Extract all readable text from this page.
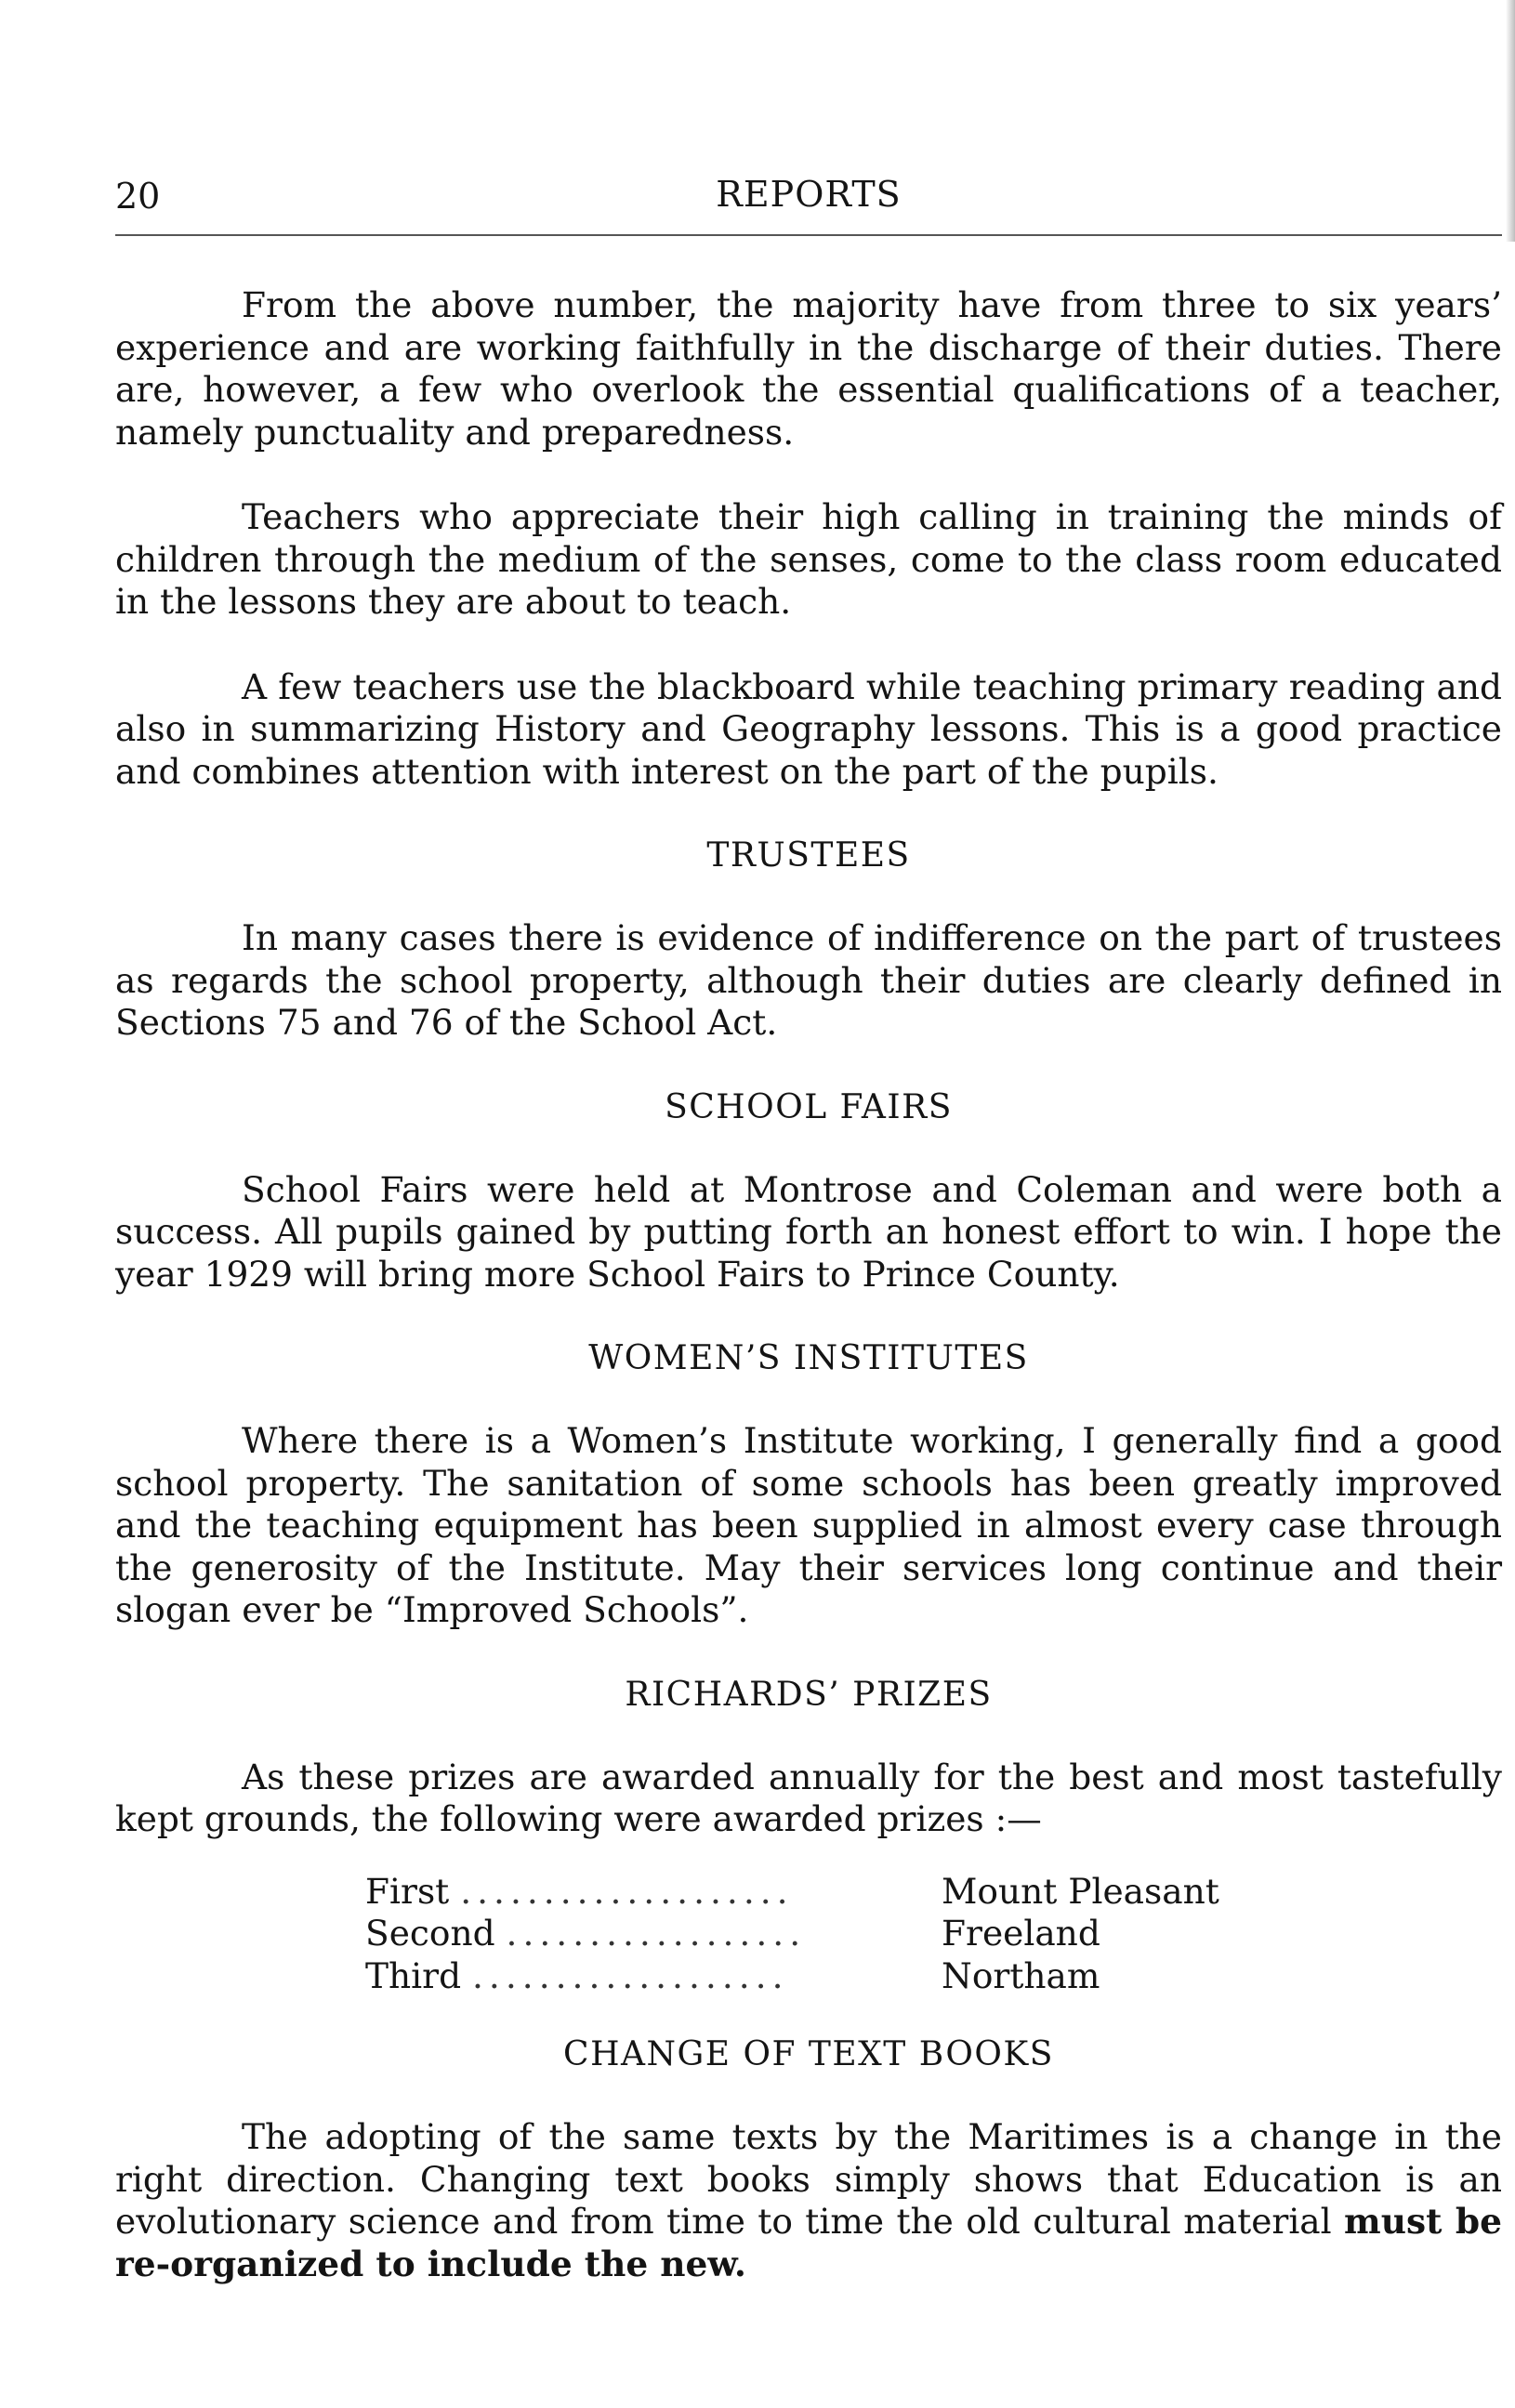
20	REPORTS

From the above number, the majority have from three to six years’ experience and are working faithfully in the discharge of their duties. There are, however, a few who overlook the essential qualifications of a teacher, namely punctuality and preparedness.

Teachers who appreciate their high calling in training the minds of children through the medium of the senses, come to the class room educated in the lessons they are about to teach.

A few teachers use the blackboard while teaching primary reading and also in summarizing History and Geography lessons. This is a good practice and combines attention with interest on the part of the pupils.

TRUSTEES

In many cases there is evidence of indifference on the part of trustees as regards the school property, although their duties are clearly defined in Sections 75 and 76 of the School Act.

SCHOOL FAIRS

School Fairs were held at Montrose and Coleman and were both a success. All pupils gained by putting forth an honest effort to win. I hope the year 1929 will bring more School Fairs to Prince County.

WOMEN’S INSTITUTES

Where there is a Women’s Institute working, I generally find a good school property. The sanitation of some schools has been greatly improved and the teaching equipment has been supplied in almost every case through the generosity of the Institute. May their services long continue and their slogan ever be “Improved Schools”.

RICHARDS’ PRIZES

As these prizes are awarded annually for the best and most tastefully kept grounds, the following were awarded prizes :—

First ....................	Mount Pleasant
Second ..................	Freeland
Third ...................	Northam
CHANGE OF TEXT BOOKS

The adopting of the same texts by the Maritimes is a change in the right direction. Changing text books simply shows that Education is an evolutionary science and from time to time the old cultural material must be re-organized to include the new.
